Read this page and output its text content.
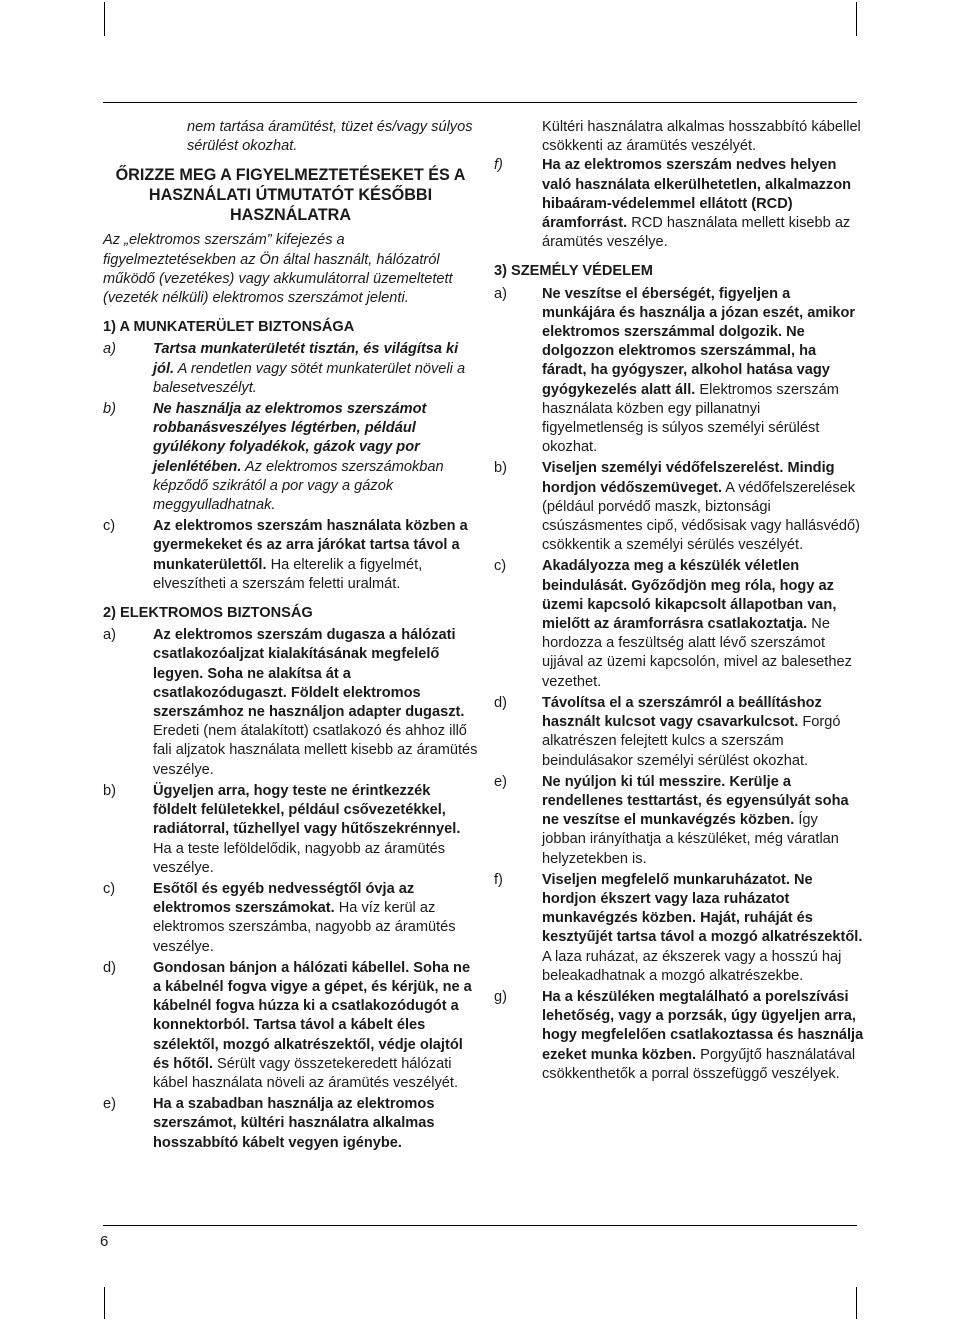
nem tartása áramütést, tüzet és/vagy súlyos sérülést okozhat.

ŐRIZZE MEG A FIGYELMEZTETÉSEKET ÉS A HASZNÁLATI ÚTMUTATÓT KÉSŐBBI HASZNÁLATRA

Az „elektromos szerszám” kifejezés a figyelmeztetésekben az Ön által használt, hálózatról működő (vezetékes) vagy akkumulátorral üzemeltetett (vezeték nélküli) elektromos szerszámot jelenti.

1) A MUNKATERÜLET BIZTONSÁGA

a)	Tartsa munkaterületét tisztán, és világítsa ki jól. A rendetlen vagy sötét munkaterület növeli a balesetveszélyt.
b)	Ne használja az elektromos szerszámot robbanásveszélyes légtérben, például gyúlékony folyadékok, gázok vagy por jelenlétében. Az elektromos szerszámokban képződő szikrától a por vagy a gázok meggyulladhatnak.
c)	Az elektromos szerszám használata közben a gyermekeket és az arra járókat tartsa távol a munkaterülettől. Ha elterelik a figyelmét, elveszítheti a szerszám feletti uralmát.

2) ELEKTROMOS BIZTONSÁG

a)	Az elektromos szerszám dugasza a hálózati csatlakozóaljzat kialakításának megfelelő legyen. Soha ne alakítsa át a csatlakozódugaszt. Földelt elektromos szerszámhoz ne használjon adapter dugaszt. Eredeti (nem átalakított) csatlakozó és ahhoz illő fali aljzatok használata mellett kisebb az áramütés veszélye.
b)	Ügyeljen arra, hogy teste ne érintkezzék földelt felületekkel, például csővezetékkel, radiátorral, tűzhellyel vagy hűtőszekrénnyel. Ha a teste leföldelődik, nagyobb az áramütés veszélye.
c)	Esőtől és egyéb nedvességtől óvja az elektromos szerszámokat. Ha víz kerül az elektromos szerszámba, nagyobb az áramütés veszélye.
d)	Gondosan bánjon a hálózati kábellel. Soha ne a kábelnél fogva vigye a gépet, és kérjük, ne a kábelnél fogva húzza ki a csatlakozódugót a konnektorból. Tartsa távol a kábelt éles szélektől, mozgó alkatrészektől, védje olajtól és hőtől. Sérült vagy összetekeredett hálózati kábel használata növeli az áramütés veszélyét.
e)	Ha a szabadban használja az elektromos szerszámot, kültéri használatra alkalmas hosszabbító kábelt vegyen igénybe.

Kültéri használatra alkalmas hosszabbító kábellel csökkenti az áramütés veszélyét.

f)	Ha az elektromos szerszám nedves helyen való használata elkerülhetetlen, alkalmazzon hibaáram-védelemmel ellátott (RCD) áramforrást. RCD használata mellett kisebb az áramütés veszélye.

3) SZEMÉLY VÉDELEM

a)	Ne veszítse el éberségét, figyeljen a munkájára és használja a józan eszét, amikor elektromos szerszámmal dolgozik. Ne dolgozzon elektromos szerszámmal, ha fáradt, ha gyógyszer, alkohol hatása vagy gyógykezelés alatt áll. Elektromos szerszám használata közben egy pillanatnyi figyelmetlenség is súlyos személyi sérülést okozhat.
b)	Viseljen személyi védőfelszerelést. Mindig hordjon védőszemüveget. A védőfelszerelések (például porvédő maszk, biztonsági csúszásmentes cipő, védősisak vagy hallásvédő) csökkentik a személyi sérülés veszélyét.
c)	Akadályozza meg a készülék véletlen beindulását. Győződjön meg róla, hogy az üzemi kapcsoló kikapcsolt állapotban van, mielőtt az áramforrásra csatlakoztatja. Ne hordozza a feszültség alatt lévő szerszámot ujjával az üzemi kapcsolón, mivel az balesethez vezethet.
d)	Távolítsa el a szerszámról a beállításhoz használt kulcsot vagy csavarkulcsot. Forgó alkatrészen felejtett kulcs a szerszám beindulásakor személyi sérülést okozhat.
e)	Ne nyúljon ki túl messzire. Kerülje a rendellenes testtartást, és egyensúlyát soha ne veszítse el munkavégzés közben. Így jobban irányíthatja a készüléket, még váratlan helyzetekben is.
f)	Viseljen megfelelő munkaruházatot. Ne hordjon ékszert vagy laza ruházatot munkavégzés közben. Haját, ruháját és kesztyűjét tartsa távol a mozgó alkatrészektől. A laza ruházat, az ékszerek vagy a hosszú haj beleakadhatnak a mozgó alkatrészekbe.
g)	Ha a készüléken megtalálható a porelszívási lehetőség, vagy a porzsák, úgy ügyeljen arra, hogy megfelelően csatlakoztassa és használja ezeket munka közben. Porgyűjtő használatával csökkenthetők a porral összefüggő veszélyek.
6
